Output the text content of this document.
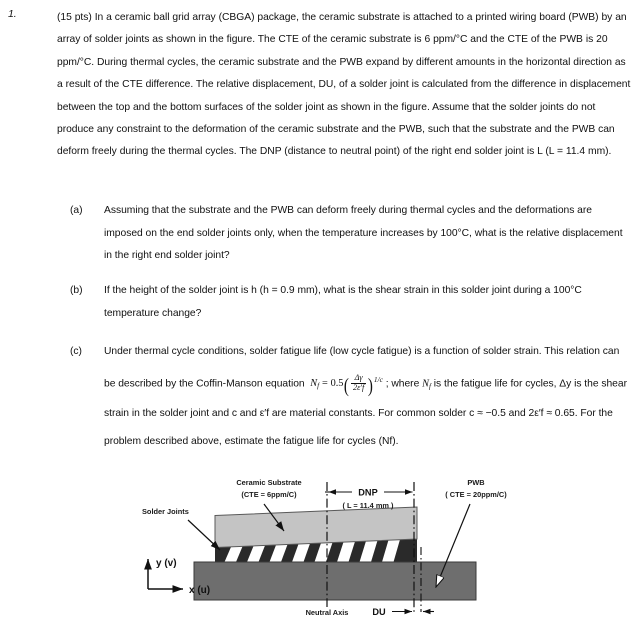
1.	(15 pts) In a ceramic ball grid array (CBGA) package, the ceramic substrate is attached to a printed wiring board (PWB) by an array of solder joints as shown in the figure. The CTE of the ceramic substrate is 6 ppm/°C and the CTE of the PWB is 20 ppm/°C. During thermal cycles, the ceramic substrate and the PWB expand by different amounts in the horizontal direction as a result of the CTE difference. The relative displacement, DU, of a solder joint is calculated from the difference in displacement between the top and the bottom surfaces of the solder joint as shown in the figure. Assume that the solder joints do not produce any constraint to the deformation of the ceramic substrate and the PWB, such that the substrate and the PWB can deform freely during the thermal cycles. The DNP (distance to neutral point) of the right end solder joint is L (L = 11.4 mm).

(a)	Assuming that the substrate and the PWB can deform freely during thermal cycles and the deformations are imposed on the end solder joints only, when the temperature increases by 100°C, what is the relative displacement in the right end solder joint?
(b)	If the height of the solder joint is h (h = 0.9 mm), what is the shear strain in this solder joint during a 100°C temperature change?
(c)	Under thermal cycle conditions, solder fatigue life (low cycle fatigue) is a function of solder strain. This relation can be described by the Coffin-Manson equation $N_f = 0.5( \frac{\Delta\gamma}{2\varepsilon'f} )1/c$ ; where $N_f$ is the fatigue life for cycles, Δy is the shear strain in the solder joint and c and ε′f are material constants. For common solder c ≈ −0.5 and 2ε′f ≈ 0.65. For the problem described above, estimate the fatigue life for cycles (Nf).
DNP
( L = 11.4 mm )
DU
Neutral Axis
Ceramic Substrate
(CTE = 6ppm/C)
Solder Joints
PWB
( CTE = 20ppm/C)
y (v)
x (u)
